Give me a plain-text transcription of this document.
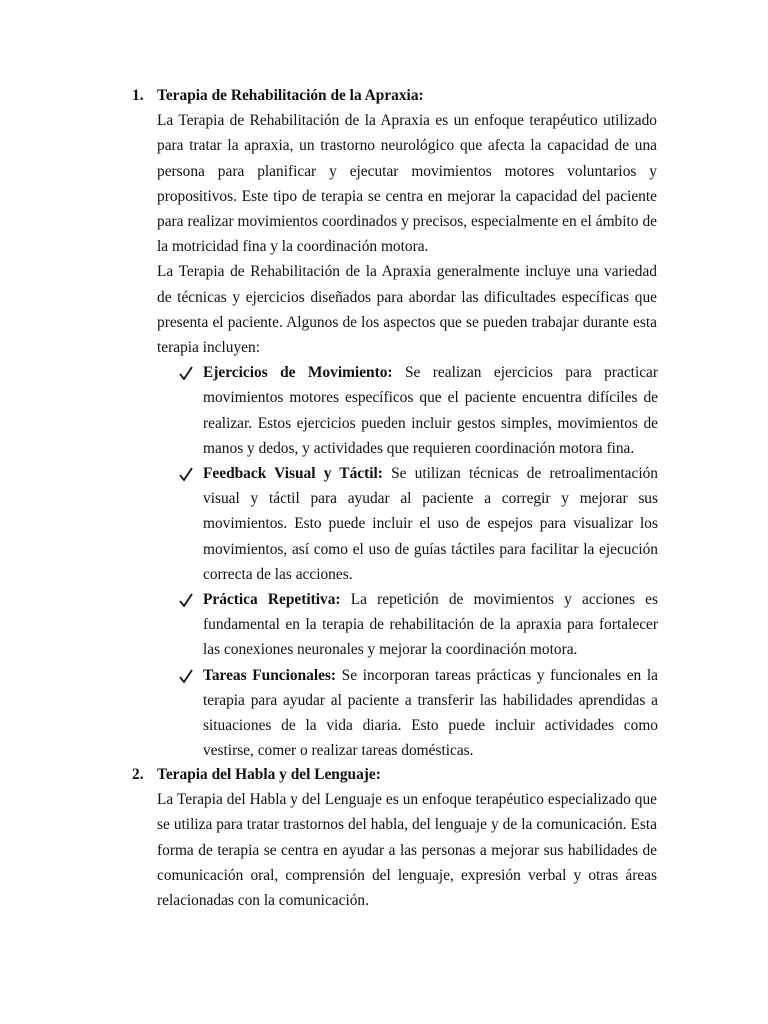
1. Terapia de Rehabilitación de la Apraxia:

La Terapia de Rehabilitación de la Apraxia es un enfoque terapéutico utilizado para tratar la apraxia, un trastorno neurológico que afecta la capacidad de una persona para planificar y ejecutar movimientos motores voluntarios y propositivos. Este tipo de terapia se centra en mejorar la capacidad del paciente para realizar movimientos coordinados y precisos, especialmente en el ámbito de la motricidad fina y la coordinación motora.

La Terapia de Rehabilitación de la Apraxia generalmente incluye una variedad de técnicas y ejercicios diseñados para abordar las dificultades específicas que presenta el paciente. Algunos de los aspectos que se pueden trabajar durante esta terapia incluyen:

Ejercicios de Movimiento: Se realizan ejercicios para practicar movimientos motores específicos que el paciente encuentra difíciles de realizar. Estos ejercicios pueden incluir gestos simples, movimientos de manos y dedos, y actividades que requieren coordinación motora fina.
Feedback Visual y Táctil: Se utilizan técnicas de retroalimentación visual y táctil para ayudar al paciente a corregir y mejorar sus movimientos. Esto puede incluir el uso de espejos para visualizar los movimientos, así como el uso de guías táctiles para facilitar la ejecución correcta de las acciones.
Práctica Repetitiva: La repetición de movimientos y acciones es fundamental en la terapia de rehabilitación de la apraxia para fortalecer las conexiones neuronales y mejorar la coordinación motora.
Tareas Funcionales: Se incorporan tareas prácticas y funcionales en la terapia para ayudar al paciente a transferir las habilidades aprendidas a situaciones de la vida diaria. Esto puede incluir actividades como vestirse, comer o realizar tareas domésticas.
2. Terapia del Habla y del Lenguaje:

La Terapia del Habla y del Lenguaje es un enfoque terapéutico especializado que se utiliza para tratar trastornos del habla, del lenguaje y de la comunicación. Esta forma de terapia se centra en ayudar a las personas a mejorar sus habilidades de comunicación oral, comprensión del lenguaje, expresión verbal y otras áreas relacionadas con la comunicación.
